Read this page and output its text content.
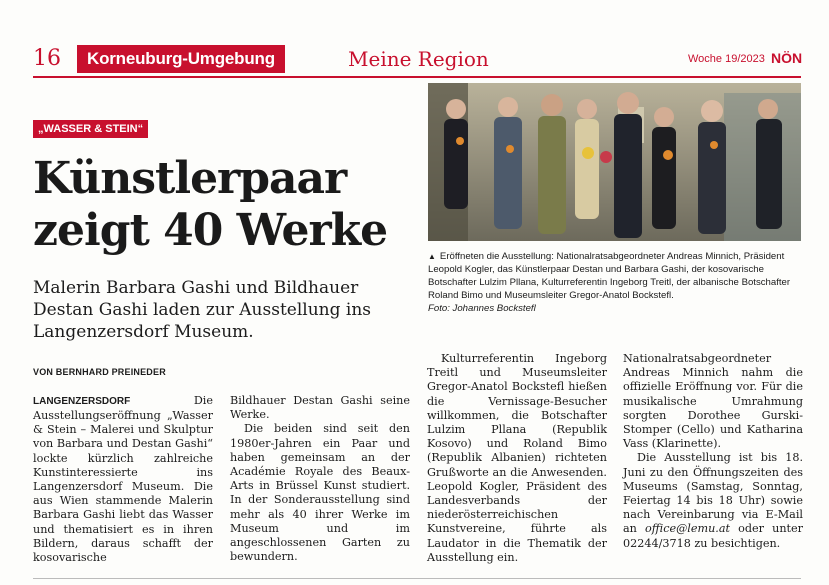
16	Korneuburg-Umgebung	Meine Region	Woche 19/2023 NÖN
„WASSER & STEIN“
Künstlerpaar
zeigt 40 Werke
Malerin Barbara Gashi und Bildhauer Destan Gashi laden zur Ausstellung ins Langenzersdorf Museum.
VON BERNHARD PREINEDER
▲ Eröffneten die Ausstellung: Nationalratsabgeordneter Andreas Minnich, Präsident Leopold Kogler, das Künstlerpaar Destan und Barbara Gashi, der kosovarische Botschafter Lulzim Pllana, Kulturreferentin Ingeborg Treitl, der albanische Botschafter Roland Bimo und Museumsleiter Gregor-Anatol Bockstefl.
Foto: Johannes Bockstefl

LANGENZERSDORF	Die Ausstellungseröffnung „Wasser & Stein – Malerei und Skulptur von Barbara und Destan Gashi“ lockte kürzlich zahlreiche Kunstinteressierte ins Langenzersdorf Museum. Die aus Wien stammende Malerin Barbara Gashi liebt das Wasser und thematisiert es in ihren Bildern, daraus schafft der kosovarische

Bildhauer Destan Gashi seine Werke.

Die beiden sind seit den 1980er-Jahren ein Paar und haben gemeinsam an der Académie Royale des Beaux-Arts in Brüssel Kunst studiert. In der Sonderausstellung sind mehr als 40 ihrer Werke im Museum und im angeschlossenen Garten zu bewundern.

Kulturreferentin Ingeborg Treitl und Museumsleiter Gregor-Anatol Bockstefl hießen die Vernissage-Besucher willkommen, die Botschafter Lulzim Pllana (Republik Kosovo) und Roland Bimo (Republik Albanien) richteten Grußworte an die Anwesenden. Leopold Kogler, Präsident des Landesverbands der niederösterreichischen Kunstvereine, führte als Laudator in die Thematik der Ausstellung ein.

Nationalratsabgeordneter Andreas Minnich nahm die offizielle Eröffnung vor. Für die musikalische Umrahmung sorgten Dorothee Gurski-Stomper (Cello) und Katharina Vass (Klarinette).

Die Ausstellung ist bis 18. Juni zu den Öffnungszeiten des Museums (Samstag, Sonntag, Feiertag 14 bis 18 Uhr) sowie nach Vereinbarung via E-Mail an office@lemu.at oder unter 02244/3718 zu besichtigen.
